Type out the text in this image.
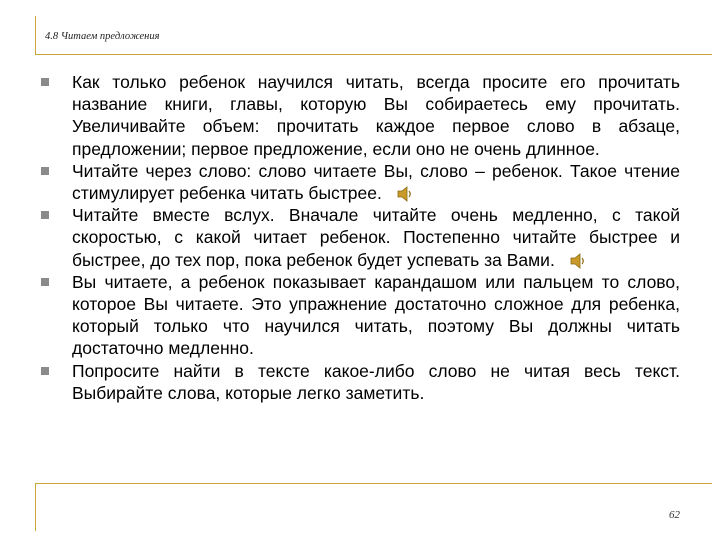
4.8 Читаем предложения
Как только ребенок научился читать, всегда просите его прочитать название книги, главы, которую Вы собираетесь ему прочитать. Увеличивайте объем: прочитать каждое первое слово в абзаце, предложении; первое предложение, если оно не очень длинное.
Читайте через слово: слово читаете Вы, слово – ребенок. Такое чтение стимулирует ребенка читать быстрее.
Читайте вместе вслух. Вначале читайте очень медленно, с такой скоростью, с какой читает ребенок. Постепенно читайте быстрее и быстрее, до тех пор, пока ребенок будет успевать за Вами.
Вы читаете, а ребенок показывает карандашом или пальцем то слово, которое Вы читаете. Это упражнение достаточно сложное для ребенка, который только что научился читать, поэтому Вы должны читать достаточно медленно.
Попросите найти в тексте какое-либо слово не читая весь текст. Выбирайте слова, которые легко заметить.
62
